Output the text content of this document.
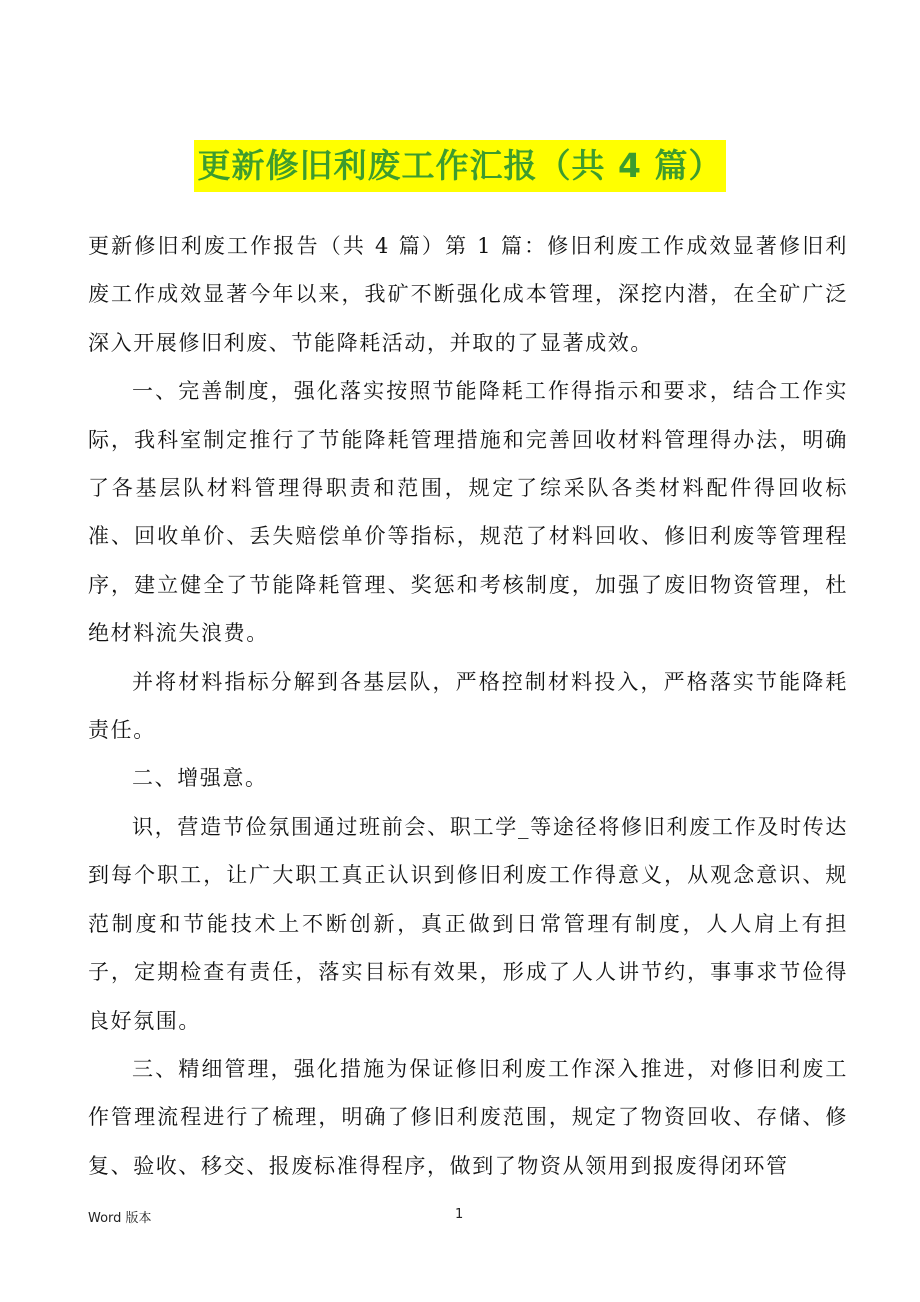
更新修旧利废工作汇报（共 4 篇）

更新修旧利废工作报告（共 4 篇）第 1 篇：修旧利废工作成效显著修旧利废工作成效显著今年以来，我矿不断强化成本管理，深挖内潜，在全矿广泛深入开展修旧利废、节能降耗活动，并取的了显著成效。

一、完善制度，强化落实按照节能降耗工作得指示和要求，结合工作实际，我科室制定推行了节能降耗管理措施和完善回收材料管理得办法，明确了各基层队材料管理得职责和范围，规定了综采队各类材料配件得回收标准、回收单价、丢失赔偿单价等指标，规范了材料回收、修旧利废等管理程序，建立健全了节能降耗管理、奖惩和考核制度，加强了废旧物资管理，杜绝材料流失浪费。

并将材料指标分解到各基层队，严格控制材料投入，严格落实节能降耗责任。

二、增强意。

识，营造节俭氛围通过班前会、职工学_等途径将修旧利废工作及时传达到每个职工，让广大职工真正认识到修旧利废工作得意义，从观念意识、规范制度和节能技术上不断创新，真正做到日常管理有制度，人人肩上有担子，定期检查有责任，落实目标有效果，形成了人人讲节约，事事求节俭得良好氛围。

三、精细管理，强化措施为保证修旧利废工作深入推进，对修旧利废工作管理流程进行了梳理，明确了修旧利废范围，规定了物资回收、存储、修复、验收、移交、报废标准得程序，做到了物资从领用到报废得闭环管

Word 版本	1
